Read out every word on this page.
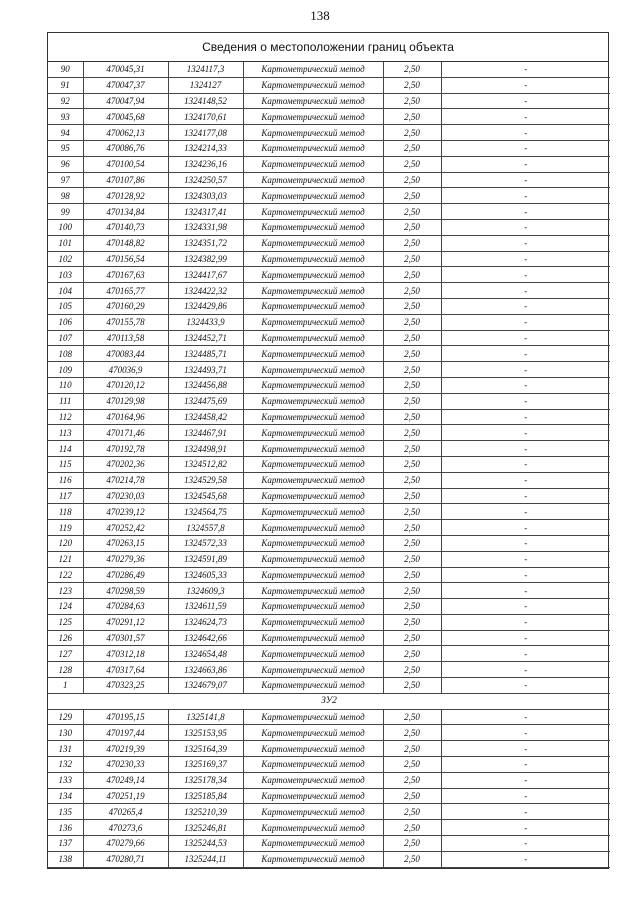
138
Сведения о местоположении границ объекта
90	470045,31	1324117,3	Картометрический метод	2,50	-
91	470047,37	1324127	Картометрический метод	2,50	-
92	470047,94	1324148,52	Картометрический метод	2,50	-
93	470045,68	1324170,61	Картометрический метод	2,50	-
94	470062,13	1324177,08	Картометрический метод	2,50	-
95	470086,76	1324214,33	Картометрический метод	2,50	-
96	470100,54	1324236,16	Картометрический метод	2,50	-
97	470107,86	1324250,57	Картометрический метод	2,50	-
98	470128,92	1324303,03	Картометрический метод	2,50	-
99	470134,84	1324317,41	Картометрический метод	2,50	-
100	470140,73	1324331,98	Картометрический метод	2,50	-
101	470148,82	1324351,72	Картометрический метод	2,50	-
102	470156,54	1324382,99	Картометрический метод	2,50	-
103	470167,63	1324417,67	Картометрический метод	2,50	-
104	470165,77	1324422,32	Картометрический метод	2,50	-
105	470160,29	1324429,86	Картометрический метод	2,50	-
106	470155,78	1324433,9	Картометрический метод	2,50	-
107	470113,58	1324452,71	Картометрический метод	2,50	-
108	470083,44	1324485,71	Картометрический метод	2,50	-
109	470036,9	1324493,71	Картометрический метод	2,50	-
110	470120,12	1324456,88	Картометрический метод	2,50	-
111	470129,98	1324475,69	Картометрический метод	2,50	-
112	470164,96	1324458,42	Картометрический метод	2,50	-
113	470171,46	1324467,91	Картометрический метод	2,50	-
114	470192,78	1324498,91	Картометрический метод	2,50	-
115	470202,36	1324512,82	Картометрический метод	2,50	-
116	470214,78	1324529,58	Картометрический метод	2,50	-
117	470230,03	1324545,68	Картометрический метод	2,50	-
118	470239,12	1324564,75	Картометрический метод	2,50	-
119	470252,42	1324557,8	Картометрический метод	2,50	-
120	470263,15	1324572,33	Картометрический метод	2,50	-
121	470279,36	1324591,89	Картометрический метод	2,50	-
122	470286,49	1324605,33	Картометрический метод	2,50	-
123	470298,59	1324609,3	Картометрический метод	2,50	-
124	470284,63	1324611,59	Картометрический метод	2,50	-
125	470291,12	1324624,73	Картометрический метод	2,50	-
126	470301,57	1324642,66	Картометрический метод	2,50	-
127	470312,18	1324654,48	Картометрический метод	2,50	-
128	470317,64	1324663,86	Картометрический метод	2,50	-
1	470323,25	1324679,07	Картометрический метод	2,50	-
ЗУ2					
129	470195,15	1325141,8	Картометрический метод	2,50	-
130	470197,44	1325153,95	Картометрический метод	2,50	-
131	470219,39	1325164,39	Картометрический метод	2,50	-
132	470230,33	1325169,37	Картометрический метод	2,50	-
133	470249,14	1325178,34	Картометрический метод	2,50	-
134	470251,19	1325185,84	Картометрический метод	2,50	-
135	470265,4	1325210,39	Картометрический метод	2,50	-
136	470273,6	1325246,81	Картометрический метод	2,50	-
137	470279,66	1325244,53	Картометрический метод	2,50	-
138	470280,71	1325244,11	Картометрический метод	2,50	-
